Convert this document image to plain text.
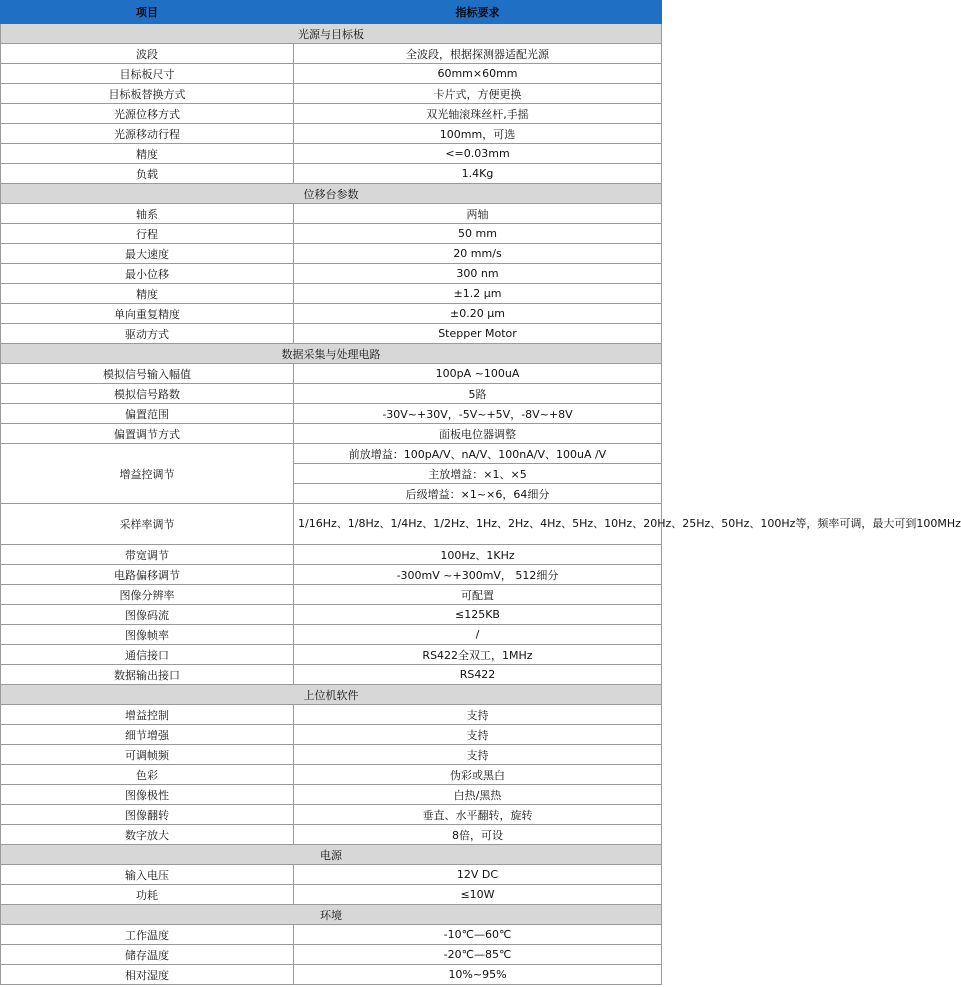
项目	指标要求
光源与目标板	
波段	全波段，根据探测器适配光源
目标板尺寸	60mm×60mm
目标板替换方式	卡片式，方便更换
光源位移方式	双光轴滚珠丝杆,手摇
光源移动行程	100mm，可选
精度	<=0.03mm
负载	1.4Kg
位移台参数	
轴系	两轴
行程	50 mm
最大速度	20 mm/s
最小位移	300 nm
精度	±1.2 μm
单向重复精度	±0.20 μm
驱动方式	Stepper Motor
数据采集与处理电路	
模拟信号输入幅值	100pA ~100uA
模拟信号路数	5路
偏置范围	-30V~+30V，-5V~+5V，-8V~+8V
偏置调节方式	面板电位器调整
增益控调节	前放增益：100pA/V、nA/V、100nA/V、100uA /V
	主放增益：×1、×5
	后级增益：×1~×6，64细分
采样率调节	1/16Hz、1/8Hz、1/4Hz、1/2Hz、1Hz、2Hz、4Hz、5Hz、10Hz、20Hz、25Hz、50Hz、100Hz等，频率可调，最大可到100MHz
带宽调节	100Hz、1KHz
电路偏移调节	-300mV ~+300mV， 512细分
图像分辨率	可配置
图像码流	≤125KB
图像帧率	/
通信接口	RS422全双工，1MHz
数据输出接口	RS422
上位机软件	
增益控制	支持
细节增强	支持
可调帧频	支持
色彩	伪彩或黑白
图像极性	白热/黑热
图像翻转	垂直、水平翻转，旋转
数字放大	8倍，可设
电源	
输入电压	12V DC
功耗	≤10W
环境	
工作温度	-10℃—60℃
储存温度	-20℃—85℃
相对湿度	10%~95%
